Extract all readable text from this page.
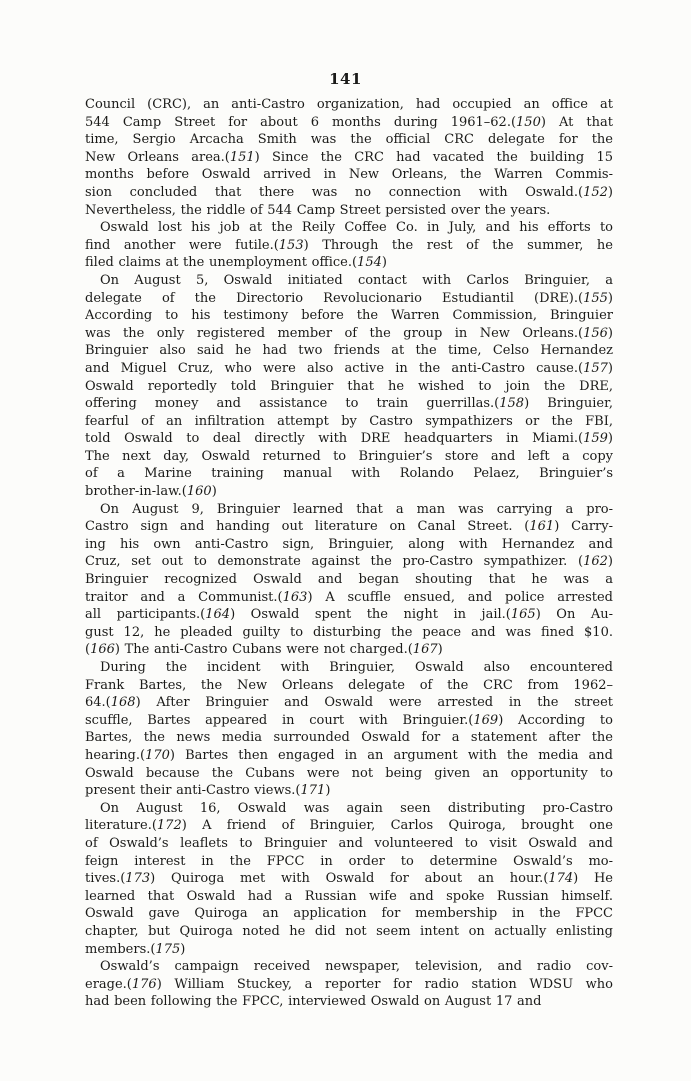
141

Council (CRC), an anti-Castro organization, had occupied an office at
544 Camp Street for about 6 months during 1961–62.(150) At that
time, Sergio Arcacha Smith was the official CRC delegate for the
New Orleans area.(151) Since the CRC had vacated the building 15
months before Oswald arrived in New Orleans, the Warren Commis-
sion concluded that there was no connection with Oswald.(152)
Nevertheless, the riddle of 544 Camp Street persisted over the years.

Oswald lost his job at the Reily Coffee Co. in July, and his efforts to
find another were futile.(153) Through the rest of the summer, he
filed claims at the unemployment office.(154)

On August 5, Oswald initiated contact with Carlos Bringuier, a
delegate of the Directorio Revolucionario Estudiantil (DRE).(155)
According to his testimony before the Warren Commission, Bringuier
was the only registered member of the group in New Orleans.(156)
Bringuier also said he had two friends at the time, Celso Hernandez
and Miguel Cruz, who were also active in the anti-Castro cause.(157)
Oswald reportedly told Bringuier that he wished to join the DRE,
offering money and assistance to train guerrillas.(158) Bringuier,
fearful of an infiltration attempt by Castro sympathizers or the FBI,
told Oswald to deal directly with DRE headquarters in Miami.(159)
The next day, Oswald returned to Bringuier’s store and left a copy
of a Marine training manual with Rolando Pelaez, Bringuier’s
brother-in-law.(160)

On August 9, Bringuier learned that a man was carrying a pro-
Castro sign and handing out literature on Canal Street. (161) Carry-
ing his own anti-Castro sign, Bringuier, along with Hernandez and
Cruz, set out to demonstrate against the pro-Castro sympathizer. (162)
Bringuier recognized Oswald and began shouting that he was a
traitor and a Communist.(163) A scuffle ensued, and police arrested
all participants.(164) Oswald spent the night in jail.(165) On Au-
gust 12, he pleaded guilty to disturbing the peace and was fined $10.
(166) The anti-Castro Cubans were not charged.(167)

During the incident with Bringuier, Oswald also encountered
Frank Bartes, the New Orleans delegate of the CRC from 1962–
64.(168) After Bringuier and Oswald were arrested in the street
scuffle, Bartes appeared in court with Bringuier.(169) According to
Bartes, the news media surrounded Oswald for a statement after the
hearing.(170) Bartes then engaged in an argument with the media and
Oswald because the Cubans were not being given an opportunity to
present their anti-Castro views.(171)

On August 16, Oswald was again seen distributing pro-Castro
literature.(172) A friend of Bringuier, Carlos Quiroga, brought one
of Oswald’s leaflets to Bringuier and volunteered to visit Oswald and
feign interest in the FPCC in order to determine Oswald’s mo-
tives.(173) Quiroga met with Oswald for about an hour.(174) He
learned that Oswald had a Russian wife and spoke Russian himself.
Oswald gave Quiroga an application for membership in the FPCC
chapter, but Quiroga noted he did not seem intent on actually enlisting
members.(175)

Oswald’s campaign received newspaper, television, and radio cov-
erage.(176) William Stuckey, a reporter for radio station WDSU who
had been following the FPCC, interviewed Oswald on August 17 and
